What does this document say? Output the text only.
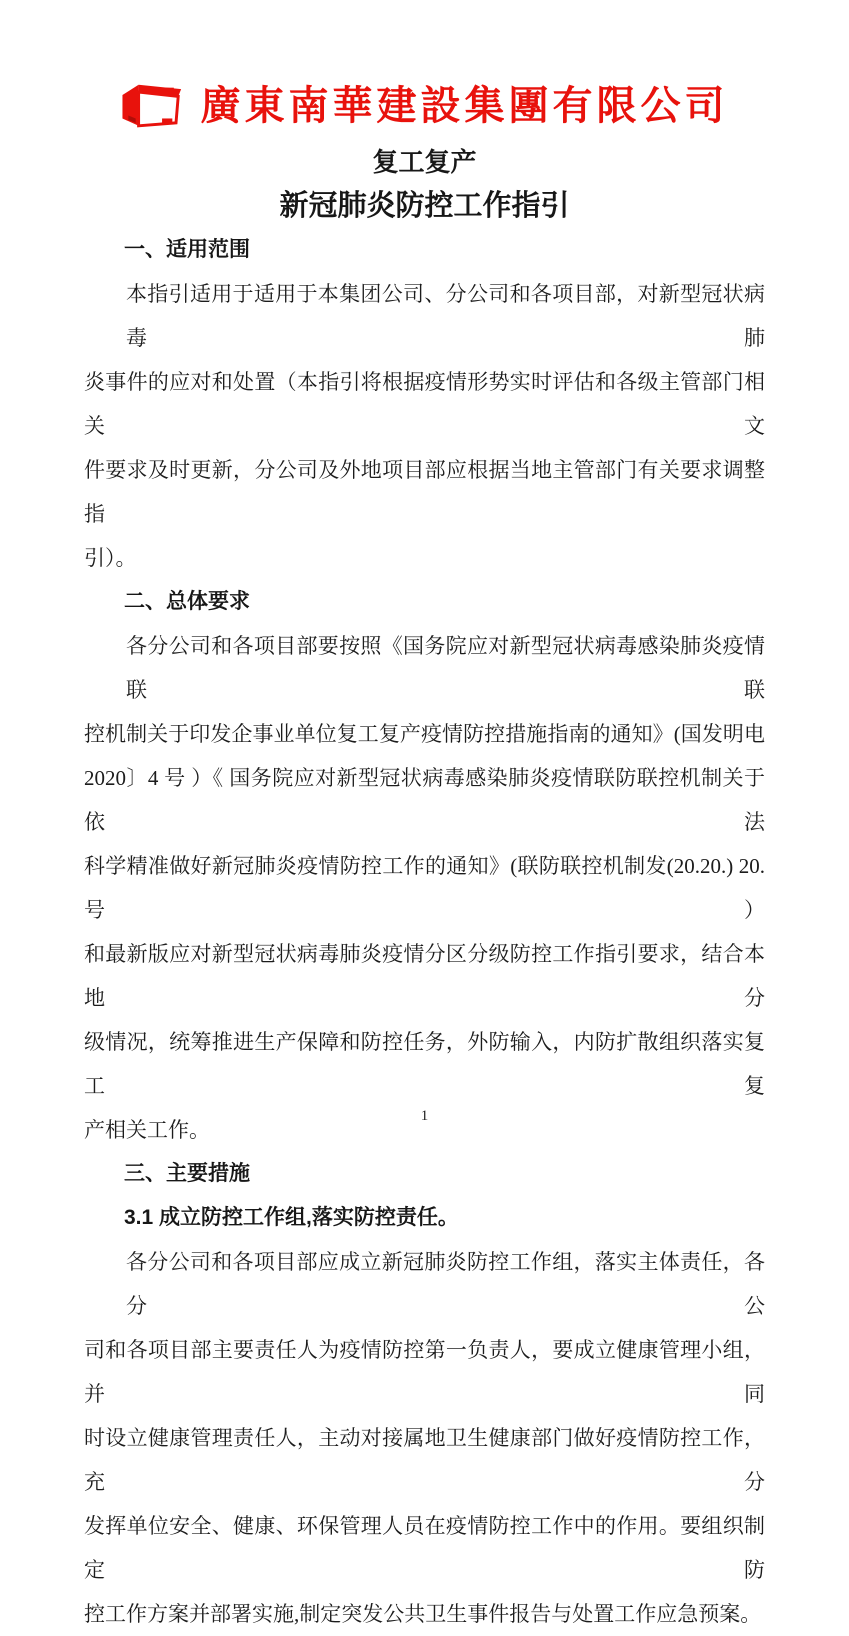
廣東南華建設集團有限公司
复工复产
新冠肺炎防控工作指引
一、适用范围
本指引适用于适用于本集团公司、分公司和各项目部，对新型冠状病毒肺
炎事件的应对和处置（本指引将根据疫情形势实时评估和各级主管部门相关文
件要求及时更新，分公司及外地项目部应根据当地主管部门有关要求调整指
引）。
二、总体要求
各分公司和各项目部要按照《国务院应对新型冠状病毒感染肺炎疫情联联
控机制关于印发企事业单位复工复产疫情防控措施指南的通知》(国发明电
2020〕4 号 ）《 国务院应对新型冠状病毒感染肺炎疫情联防联控机制关于依法
科学精准做好新冠肺炎疫情防控工作的通知》(联防联控机制发(20.20.) 20.号 ）
和最新版应对新型冠状病毒肺炎疫情分区分级防控工作指引要求，结合本地分
级情况，统筹推进生产保障和防控任务，外防输入，内防扩散组织落实复工复
产相关工作。
三、主要措施
3.1 成立防控工作组,落实防控责任。
各分公司和各项目部应成立新冠肺炎防控工作组，落实主体责任，各分公
司和各项目部主要责任人为疫情防控第一负责人，要成立健康管理小组，并同
时设立健康管理责任人，主动对接属地卫生健康部门做好疫情防控工作，充分
发挥单位安全、健康、环保管理人员在疫情防控工作中的作用。要组织制定防
控工作方案并部署实施,制定突发公共卫生事件报告与处置工作应急预案。
1
